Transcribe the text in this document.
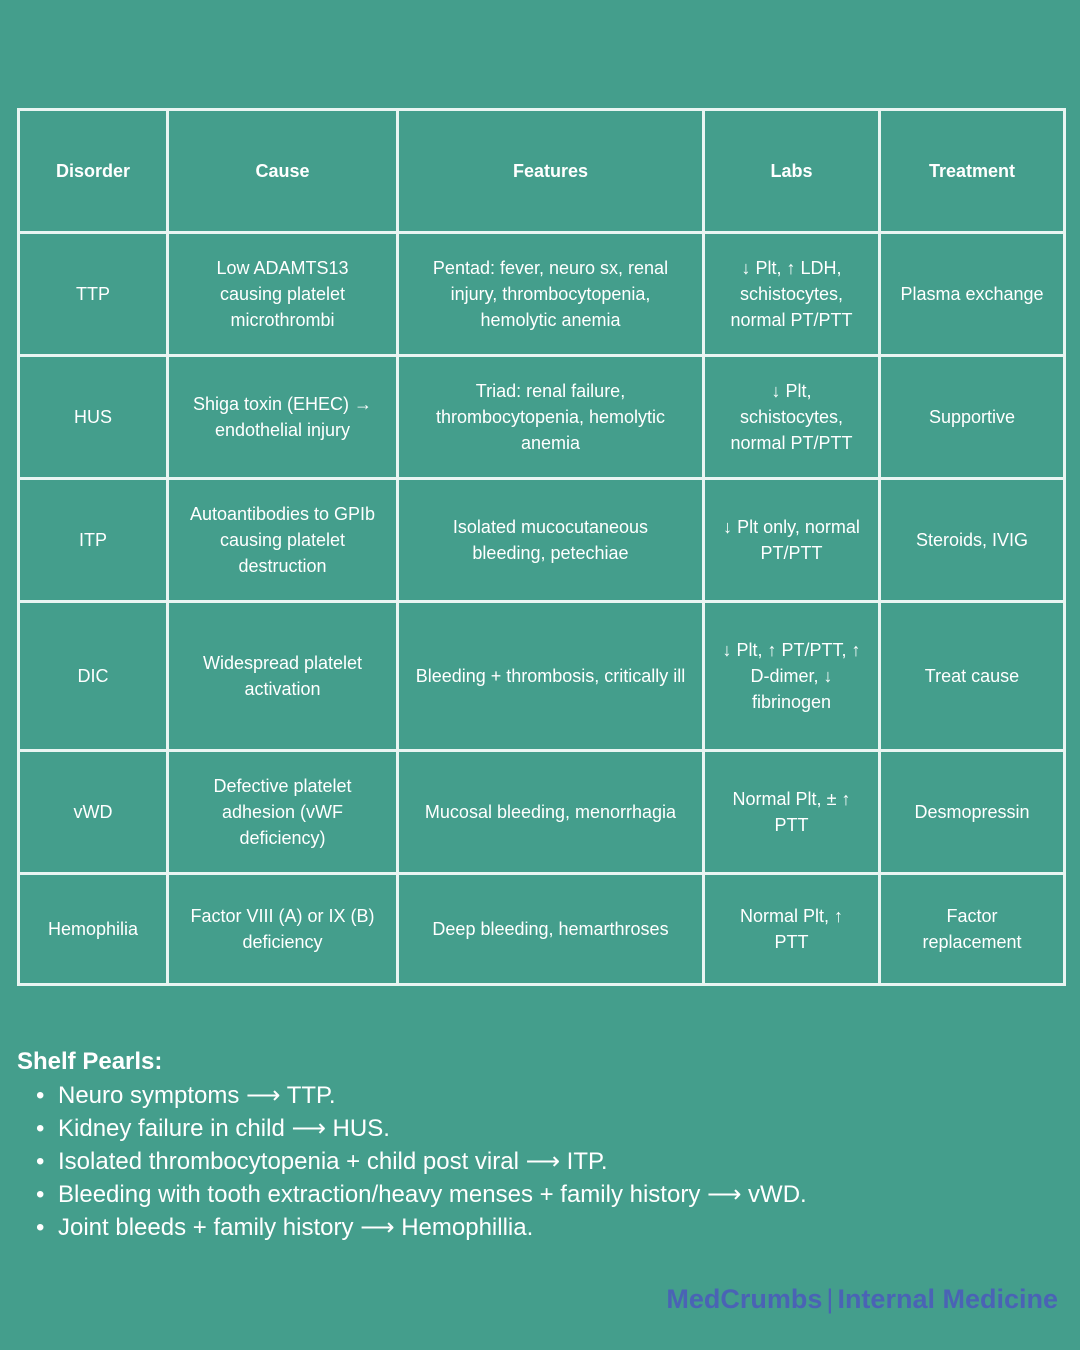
Disorder	Cause	Features	Labs	Treatment
TTP	Low ADAMTS13 causing platelet microthrombi	Pentad: fever, neuro sx, renal injury, thrombocytopenia, hemolytic anemia	↓ Plt, ↑ LDH, schistocytes, normal PT/PTT	Plasma exchange
HUS	Shiga toxin (EHEC) → endothelial injury	Triad: renal failure, thrombocytopenia, hemolytic anemia	↓ Plt, schistocytes, normal PT/PTT	Supportive
ITP	Autoantibodies to GPIb causing platelet destruction	Isolated mucocutaneous bleeding, petechiae	↓ Plt only, normal PT/PTT	Steroids, IVIG
DIC	Widespread platelet activation	Bleeding + thrombosis, critically ill	↓ Plt, ↑ PT/PTT, ↑ D-dimer, ↓ fibrinogen	Treat cause
vWD	Defective platelet adhesion (vWF deficiency)	Mucosal bleeding, menorrhagia	Normal Plt, ± ↑ PTT	Desmopressin
Hemophilia	Factor VIII (A) or IX (B) deficiency	Deep bleeding, hemarthroses	Normal Plt, ↑ PTT	Factor replacement

Shelf Pearls:

• Neuro symptoms ⟶ TTP.
• Kidney failure in child ⟶ HUS.
• Isolated thrombocytopenia + child post viral ⟶ ITP.
• Bleeding with tooth extraction/heavy menses + family history ⟶ vWD.
• Joint bleeds + family history ⟶ Hemophillia.
MedCrumbs | Internal Medicine
